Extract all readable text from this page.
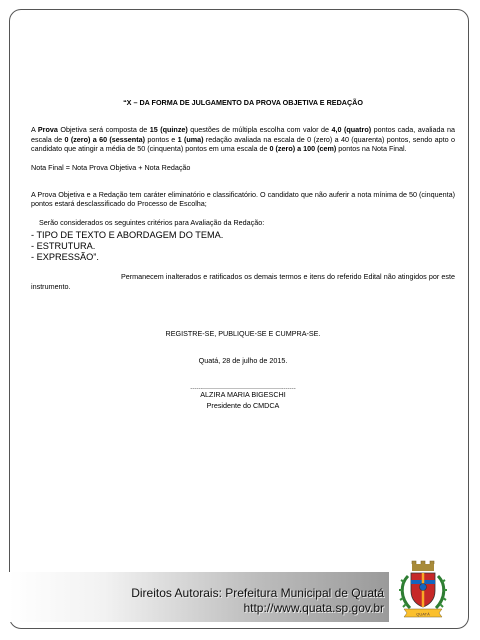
“X – DA FORMA DE JULGAMENTO DA PROVA OBJETIVA E REDAÇÃO

A Prova Objetiva será composta de 15 (quinze) questões de múltipla escolha com valor de 4,0 (quatro) pontos cada, avaliada na escala de 0 (zero) a 60 (sessenta) pontos e 1 (uma) redação avaliada na escala de 0 (zero) a 40 (quarenta) pontos, sendo apto o candidato que atingir a média de 50 (cinquenta) pontos em uma escala de 0 (zero) a 100 (cem) pontos na Nota Final.

Nota Final = Nota Prova Objetiva + Nota Redação

A Prova Objetiva e a Redação tem caráter eliminatório e classificatório. O candidato que não auferir a nota mínima de 50 (cinquenta) pontos estará desclassificado do Processo de Escolha;

Serão considerados os seguintes critérios para Avaliação da Redação:

- TIPO DE TEXTO E ABORDAGEM DO TEMA.
- ESTRUTURA.
- EXPRESSÃO”.

Permanecem inalterados e ratificados os demais termos e itens do referido Edital não atingidos por este instrumento.

REGISTRE-SE, PUBLIQUE-SE E CUMPRA-SE.

Quatá, 28 de julho de 2015.

.....................................................

ALZIRA MARIA BIGESCHI

Presidente do CMDCA

Direitos Autorais: Prefeitura Municipal de Quatá
http://www.quata.sp.gov.br	QUATÁ
